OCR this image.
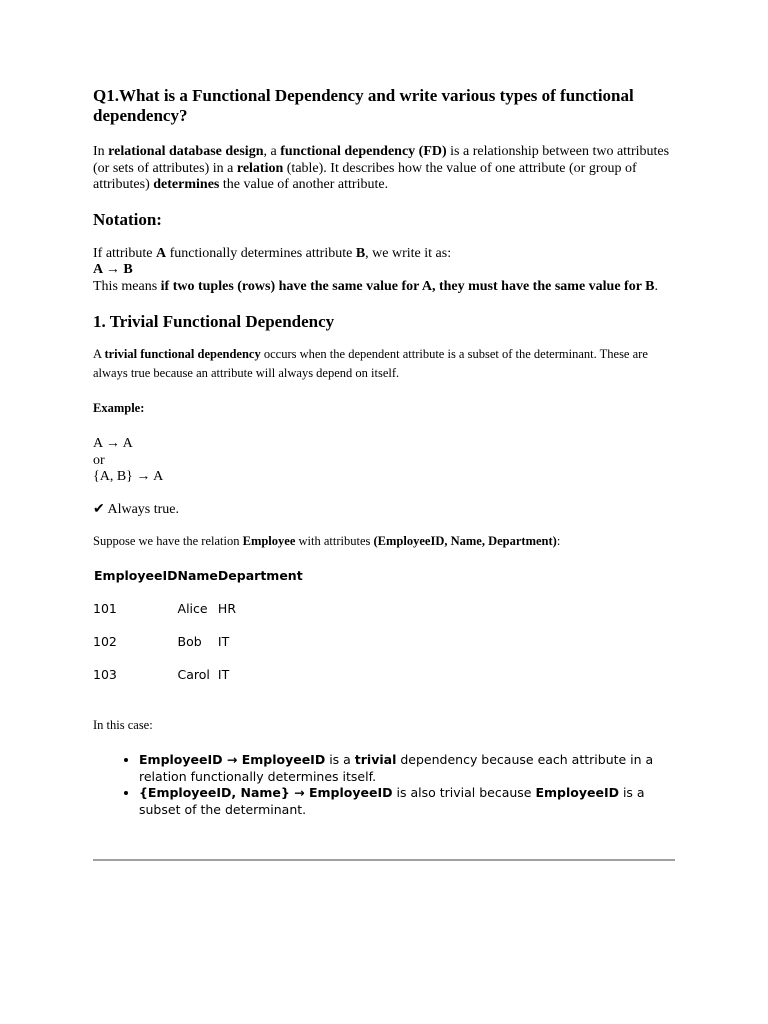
Q1.What is a Functional Dependency and write various types of functional
dependency?

In relational database design, a functional dependency (FD) is a relationship between two attributes (or sets of attributes) in a relation (table). It describes how the value of one attribute (or group of attributes) determines the value of another attribute.

Notation:

If attribute A functionally determines attribute B, we write it as:
A → B
This means if two tuples (rows) have the same value for A, they must have the same value for B.

1. Trivial Functional Dependency

A trivial functional dependency occurs when the dependent attribute is a subset of the determinant. These are always true because an attribute will always depend on itself.

Example:

A → A
or
{A, B} → A

✔ Always true.

Suppose we have the relation Employee with attributes (EmployeeID, Name, Department):

EmployeeID	Name	Department
101	Alice	HR
102	Bob	IT
103	Carol	IT

In this case:

• EmployeeID → EmployeeID is a trivial dependency because each attribute in a relation functionally determines itself.
• {EmployeeID, Name} → EmployeeID is also trivial because EmployeeID is a subset of the determinant.
